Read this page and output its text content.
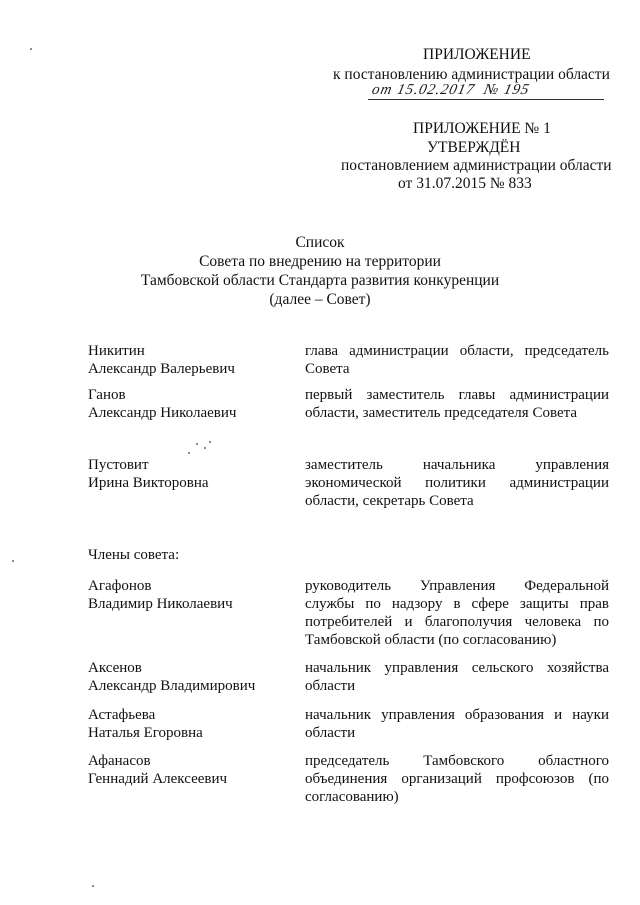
ПРИЛОЖЕНИЕ
к постановлению администрации области
от 15.02.2017 № 195
ПРИЛОЖЕНИЕ № 1
УТВЕРЖДЁН
постановлением администрации области
от 31.07.2015 № 833
Список
Совета по внедрению на территории
Тамбовской области Стандарта развития конкуренции
(далее – Совет)
Никитин
Александр Валерьевич
глава администрации области, председатель Совета
Ганов
Александр Николаевич
первый заместитель главы администрации области, заместитель председателя Совета
Пустовит
Ирина Викторовна
заместитель начальника управления экономической политики администрации области, секретарь Совета
Члены совета:
Агафонов
Владимир Николаевич
руководитель Управления Федеральной службы по надзору в сфере защиты прав потребителей и благополучия человека по Тамбовской области (по согласованию)
Аксенов
Александр Владимирович
начальник управления сельского хозяйства области
Астафьева
Наталья Егоровна
начальник управления образования и науки области
Афанасов
Геннадий Алексеевич
председатель Тамбовского областного объединения организаций профсоюзов (по согласованию)
